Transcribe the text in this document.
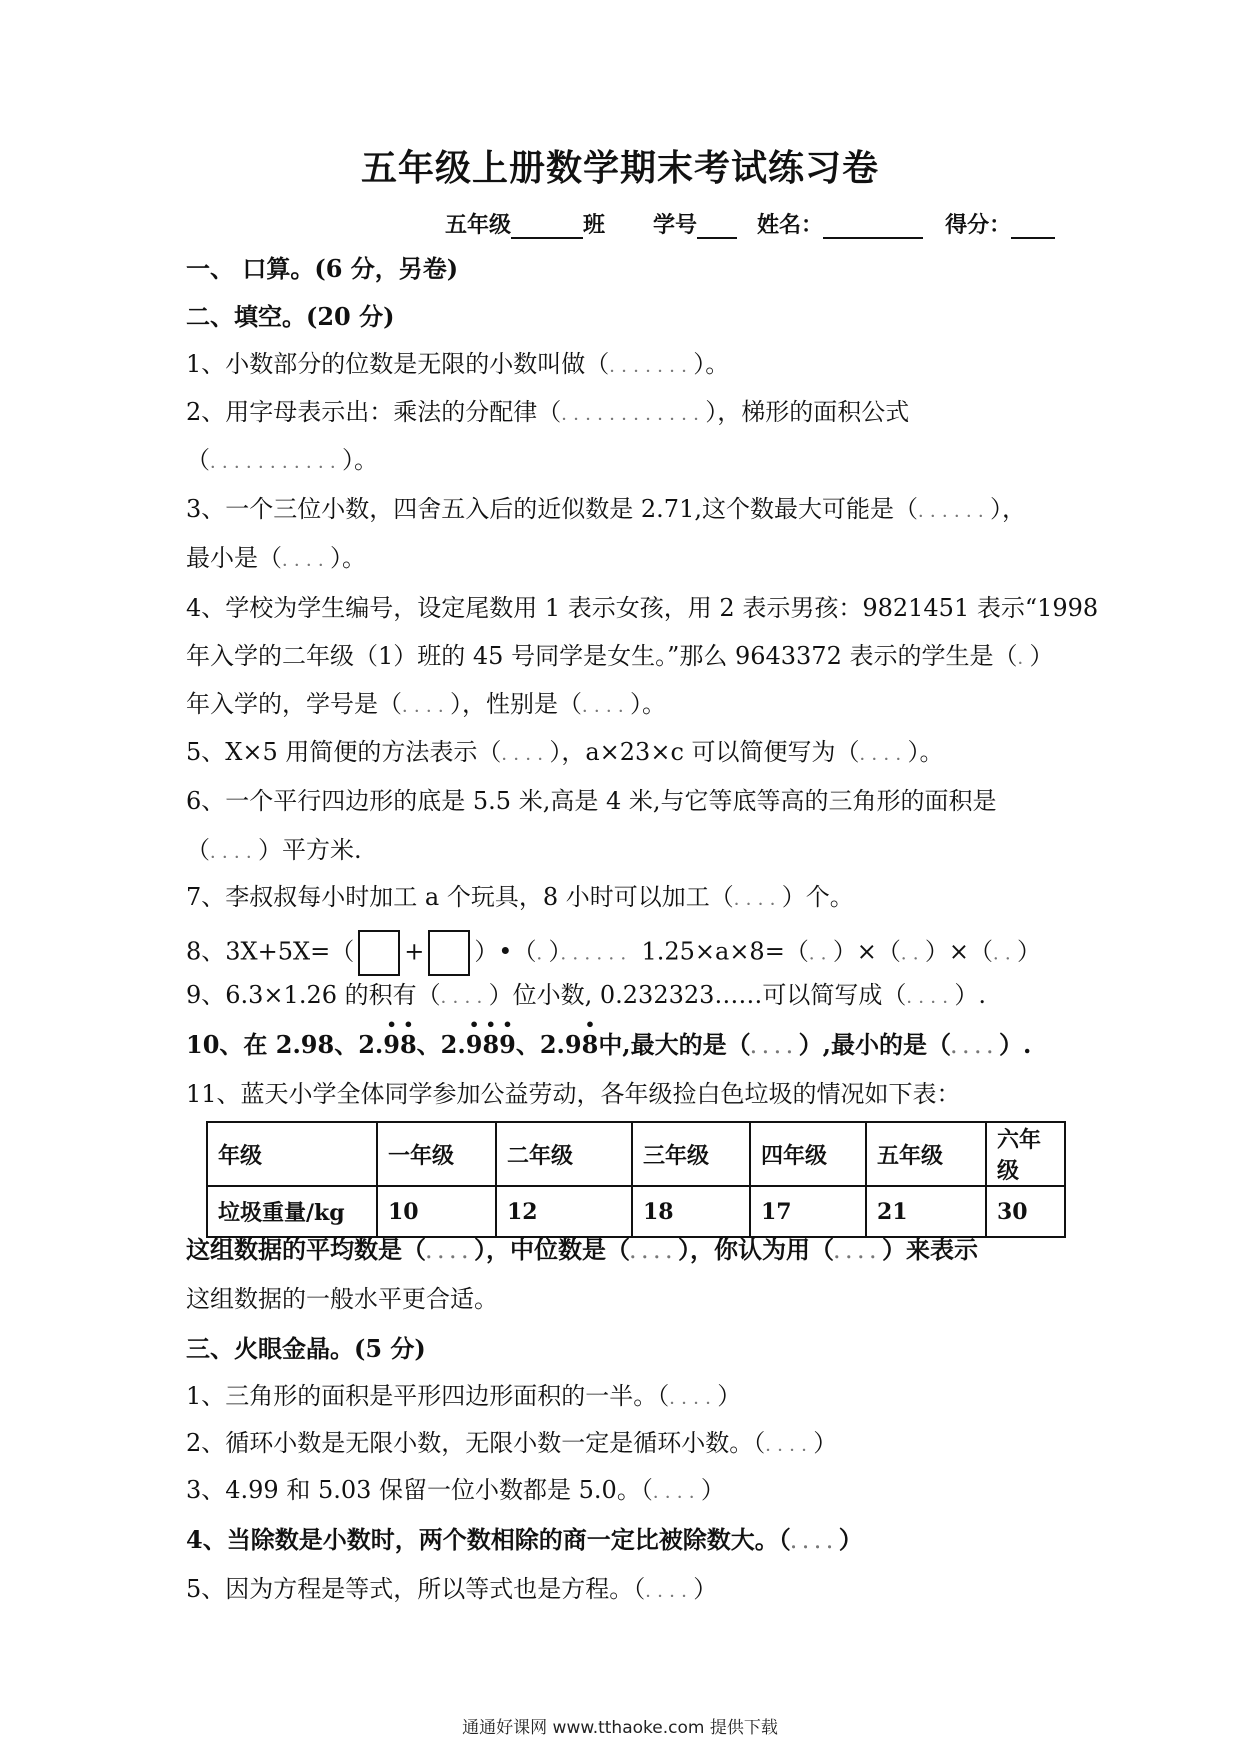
五年级上册数学期末考试练习卷
五年级	班 学号	姓名：	得分：
一、 口算。(6 分，另卷)
二、填空。(20 分)
1、小数部分的位数是无限的小数叫做（．．．．．．．）。
2、用字母表示出：乘法的分配律（．．．．．．．．．．．．），梯形的面积公式
（．．．．．．．．．．．）。
3、一个三位小数，四舍五入后的近似数是 2.71,这个数最大可能是（．．．．．．），
最小是（．．．．）。
4、学校为学生编号，设定尾数用 1 表示女孩，用 2 表示男孩：9821451 表示“1998
年入学的二年级（1）班的 45 号同学是女生。”那么 9643372 表示的学生是（．）
年入学的，学号是（．．．．），性别是（．．．．）。
5、X×5 用简便的方法表示（．．．．），a×23×c 可以简便写为（．．．．）。
6、一个平行四边形的底是 5.5 米,高是 4 米,与它等底等高的三角形的面积是
（．．．．）平方米.
7、李叔叔每小时加工 a 个玩具，8 小时可以加工（．．．．）个。
8、3X+5X=（ + ）•（．）．．．．．．1.25×a×8=（．．）×（．．）×（．．）
9、6.3×1.26 的积有（．．．．）位小数, 0.232323……可以简写成（．．．．）.
10、在 2.98、2.• 9• 8、2.• 9• 8• 9、2.9• 8中,最大的是（．．．．）,最小的是（．．．．）.
11、蓝天小学全体同学参加公益劳动，各年级捡白色垃圾的情况如下表：
年级	一年级	二年级	三年级	四年级	五年级	六年级
垃圾重量/kg	10	12	18	17	21	30
这组数据的平均数是（．．．．），中位数是（．．．．），你认为用（．．．．）来表示
这组数据的一般水平更合适。
三、火眼金晶。(5 分)
1、三角形的面积是平形四边形面积的一半。（．．．．）
2、循环小数是无限小数，无限小数一定是循环小数。（．．．．）
3、4.99 和 5.03 保留一位小数都是 5.0。（．．．．）
4、当除数是小数时，两个数相除的商一定比被除数大。（．．．．）
5、因为方程是等式，所以等式也是方程。（．．．．）
通通好课网 www.tthaoke.com 提供下载
